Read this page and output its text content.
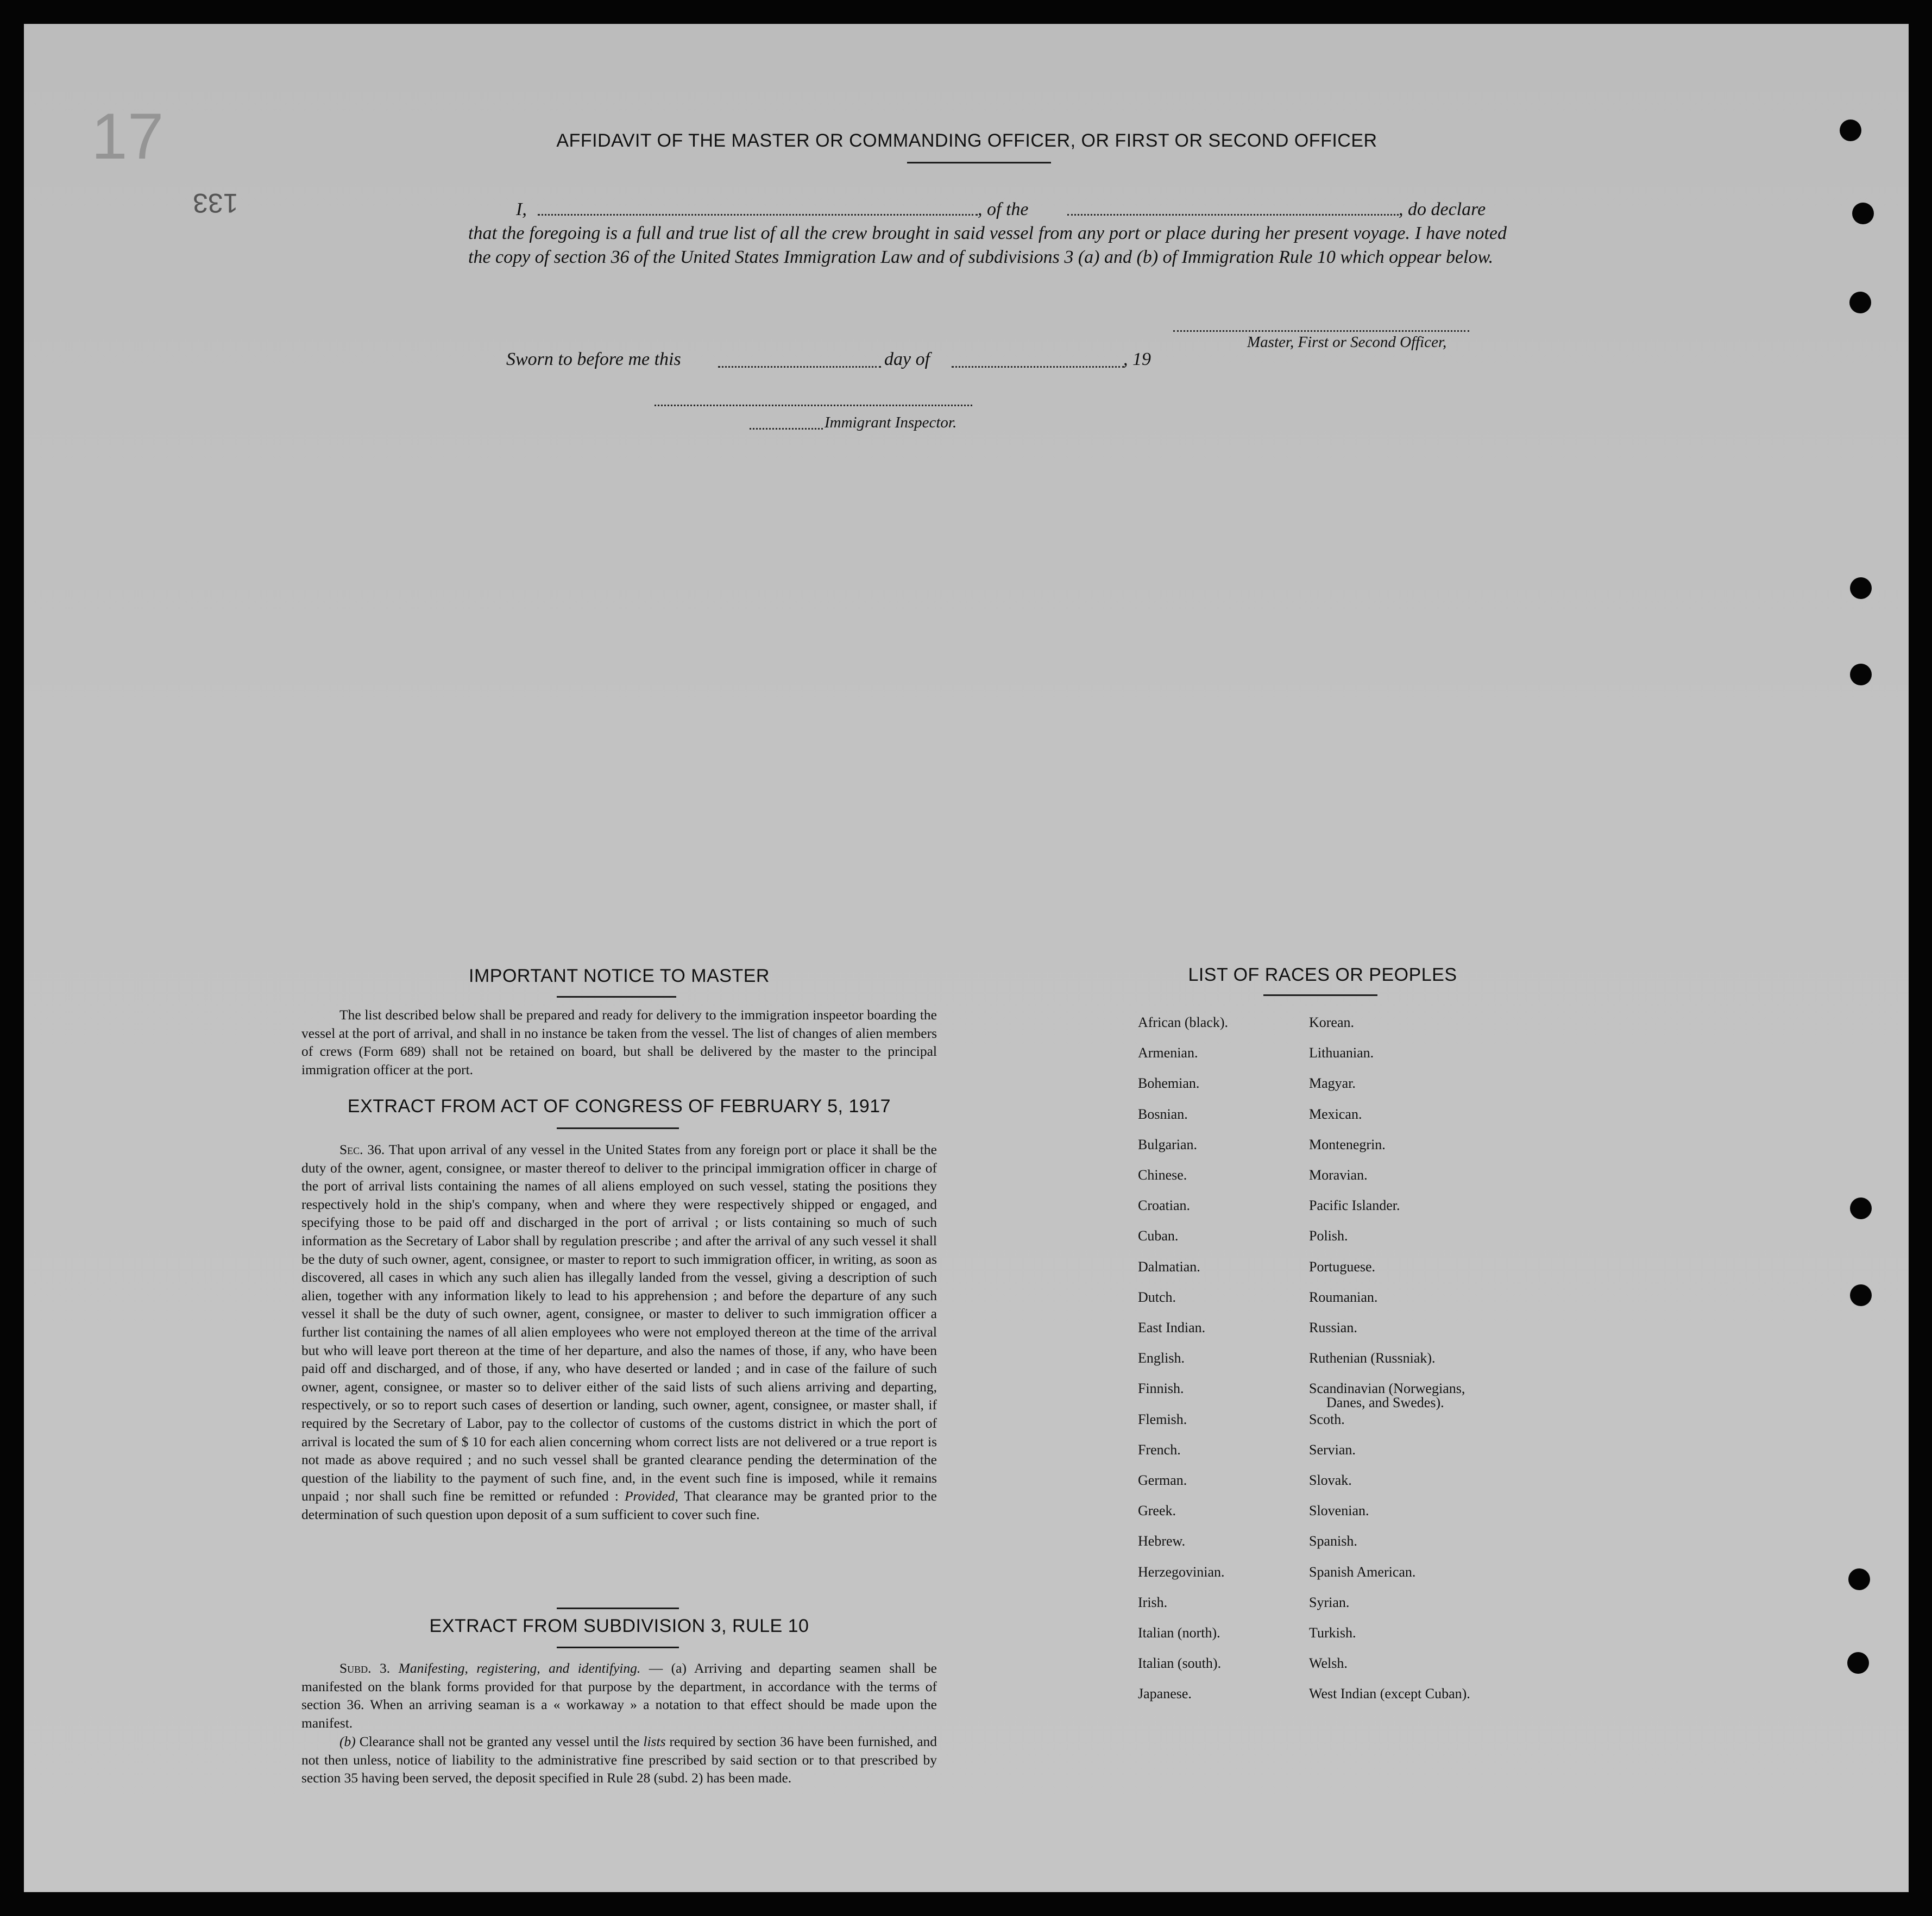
17
133
AFFIDAVIT OF THE MASTER OR COMMANDING OFFICER, OR FIRST OR SECOND OFFICER
I,	, of the	, do declare
that the foregoing is a full and true list of all the crew brought in said vessel from any port or place during her present voyage. I have noted the copy of section 36 of the United States Immigration Law and of subdivisions 3 (a) and (b) of Immigration Rule 10 which oppear below.
Master, First or Second Officer,
Sworn to before me this	day of	, 19
Immigrant Inspector.
IMPORTANT NOTICE TO MASTER
The list described below shall be prepared and ready for delivery to the immigration inspeetor boarding the vessel at the port of arrival, and shall in no instance be taken from the vessel. The list of changes of alien members of crews (Form 689) shall not be retained on board, but shall be delivered by the master to the principal immigration officer at the port.
EXTRACT FROM ACT OF CONGRESS OF FEBRUARY 5, 1917
Sec. 36. That upon arrival of any vessel in the United States from any foreign port or place it shall be the duty of the owner, agent, consignee, or master thereof to deliver to the principal immigration officer in charge of the port of arrival lists containing the names of all aliens employed on such vessel, stating the positions they respectively hold in the ship's company, when and where they were respectively shipped or engaged, and specifying those to be paid off and discharged in the port of arrival ; or lists containing so much of such information as the Secretary of Labor shall by regulation prescribe ; and after the arrival of any such vessel it shall be the duty of such owner, agent, consignee, or master to report to such immigration officer, in writing, as soon as discovered, all cases in which any such alien has illegally landed from the vessel, giving a description of such alien, together with any information likely to lead to his apprehension ; and before the departure of any such vessel it shall be the duty of such owner, agent, consignee, or master to deliver to such immigration officer a further list containing the names of all alien employees who were not employed thereon at the time of the arrival but who will leave port thereon at the time of her departure, and also the names of those, if any, who have been paid off and discharged, and of those, if any, who have deserted or landed ; and in case of the failure of such owner, agent, consignee, or master so to deliver either of the said lists of such aliens arriving and departing, respectively, or so to report such cases of desertion or landing, such owner, agent, consignee, or master shall, if required by the Secretary of Labor, pay to the collector of customs of the customs district in which the port of arrival is located the sum of $ 10 for each alien concerning whom correct lists are not delivered or a true report is not made as above required ; and no such vessel shall be granted clearance pending the determination of the question of the liability to the payment of such fine, and, in the event such fine is imposed, while it remains unpaid ; nor shall such fine be remitted or refunded : Provided, That clearance may be granted prior to the determination of such question upon deposit of a sum sufficient to cover such fine.
EXTRACT FROM SUBDIVISION 3, RULE 10
Subd. 3. Manifesting, registering, and identifying. — (a) Arriving and departing seamen shall be manifested on the blank forms provided for that purpose by the department, in accordance with the terms of section 36. When an arriving seaman is a « workaway » a notation to that effect should be made upon the manifest.
(b) Clearance shall not be granted any vessel until the lists required by section 36 have been furnished, and not then unless, notice of liability to the administrative fine prescribed by said section or to that prescribed by section 35 having been served, the deposit specified in Rule 28 (subd. 2) has been made.
LIST OF RACES OR PEOPLES
African (black).
Armenian.
Bohemian.
Bosnian.
Bulgarian.
Chinese.
Croatian.
Cuban.
Dalmatian.
Dutch.
East Indian.
English.
Finnish.
Flemish.
French.
German.
Greek.
Hebrew.
Herzegovinian.
Irish.
Italian (north).
Italian (south).
Japanese.
Korean.
Lithuanian.
Magyar.
Mexican.
Montenegrin.
Moravian.
Pacific Islander.
Polish.
Portuguese.
Roumanian.
Russian.
Ruthenian (Russniak).
Scandinavian (Norwegians,
Danes, and Swedes).
Scoth.
Servian.
Slovak.
Slovenian.
Spanish.
Spanish American.
Syrian.
Turkish.
Welsh.
West Indian (except Cuban).
